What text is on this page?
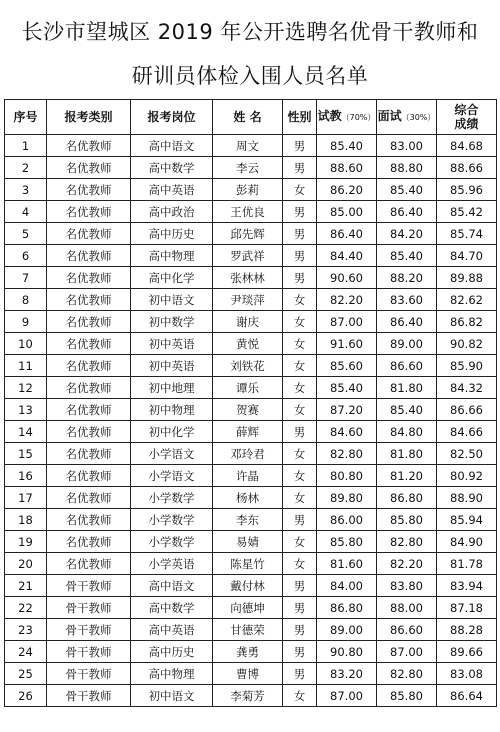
长沙市望城区 2019 年公开选聘名优骨干教师和
研训员体检入围人员名单
序号	报考类别	报考岗位	姓 名	性别	试教（70%）	面试（30%）	综合
成绩
1	名优教师	高中语文	周文	男	85.40	83.00	84.68
2	名优教师	高中数学	李云	男	88.60	88.80	88.66
3	名优教师	高中英语	彭莉	女	86.20	85.40	85.96
4	名优教师	高中政治	王优良	男	85.00	86.40	85.42
5	名优教师	高中历史	邱先辉	男	86.40	84.20	85.74
6	名优教师	高中物理	罗武祥	男	84.40	85.40	84.70
7	名优教师	高中化学	张林林	男	90.60	88.20	89.88
8	名优教师	初中语文	尹琰萍	女	82.20	83.60	82.62
9	名优教师	初中数学	谢庆	女	87.00	86.40	86.82
10	名优教师	初中英语	黄悦	女	91.60	89.00	90.82
11	名优教师	初中英语	刘铁花	女	85.60	86.60	85.90
12	名优教师	初中地理	谭乐	女	85.40	81.80	84.32
13	名优教师	初中物理	贺赛	女	87.20	85.40	86.66
14	名优教师	初中化学	薛辉	男	84.60	84.80	84.66
15	名优教师	小学语文	邓玲君	女	82.80	81.80	82.50
16	名优教师	小学语文	许晶	女	80.80	81.20	80.92
17	名优教师	小学数学	杨林	女	89.80	86.80	88.90
18	名优教师	小学数学	李东	男	86.00	85.80	85.94
19	名优教师	小学数学	易婧	女	85.80	82.80	84.90
20	名优教师	小学英语	陈星竹	女	81.60	82.20	81.78
21	骨干教师	高中语文	戴付林	男	84.00	83.80	83.94
22	骨干教师	高中数学	向德坤	男	86.80	88.00	87.18
23	骨干教师	高中英语	甘德荣	男	89.00	86.60	88.28
24	骨干教师	高中历史	龚勇	男	90.80	87.00	89.66
25	骨干教师	高中物理	曹博	男	83.20	82.80	83.08
26	骨干教师	初中语文	李菊芳	女	87.00	85.80	86.64
